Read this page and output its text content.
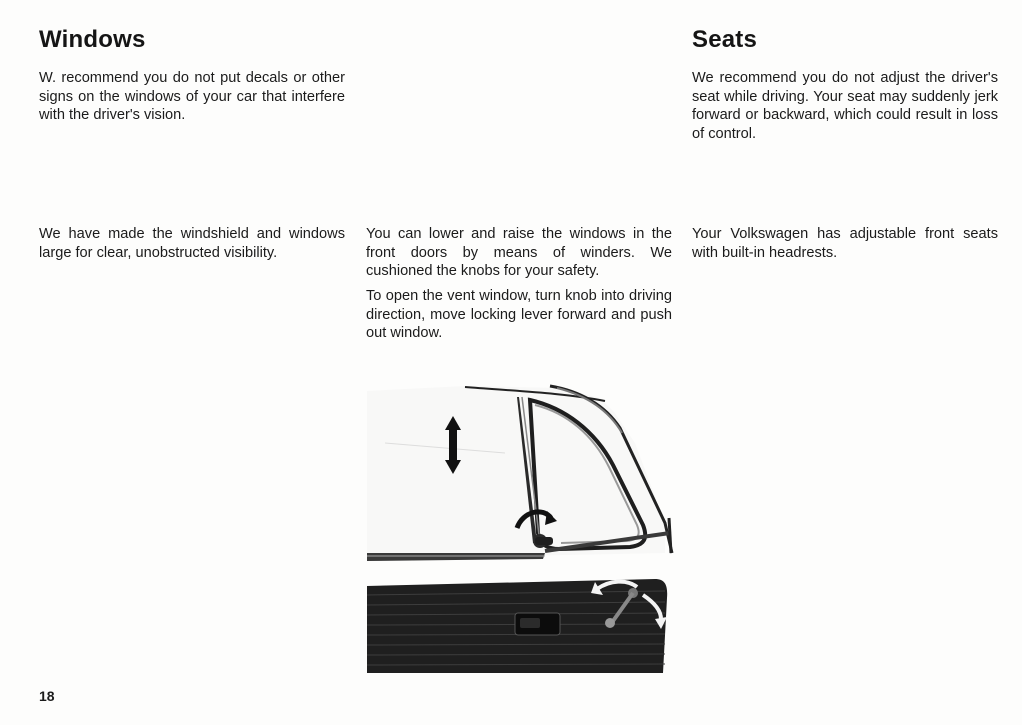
Windows	Seats

W. recommend you do not put decals or other signs on the windows of your car that interfere with the driver's vision.

We recommend you do not adjust the driver's seat while driving. Your seat may suddenly jerk forward or backward, which could result in loss of control.

We have made the windshield and windows large for clear, unobstructed visibility.

You can lower and raise the windows in the front doors by means of winders. We cushioned the knobs for your safety.

To open the vent window, turn knob into driving direction, move locking lever forward and push out window.

Your Volkswagen has adjustable front seats with built-in headrests.

18
